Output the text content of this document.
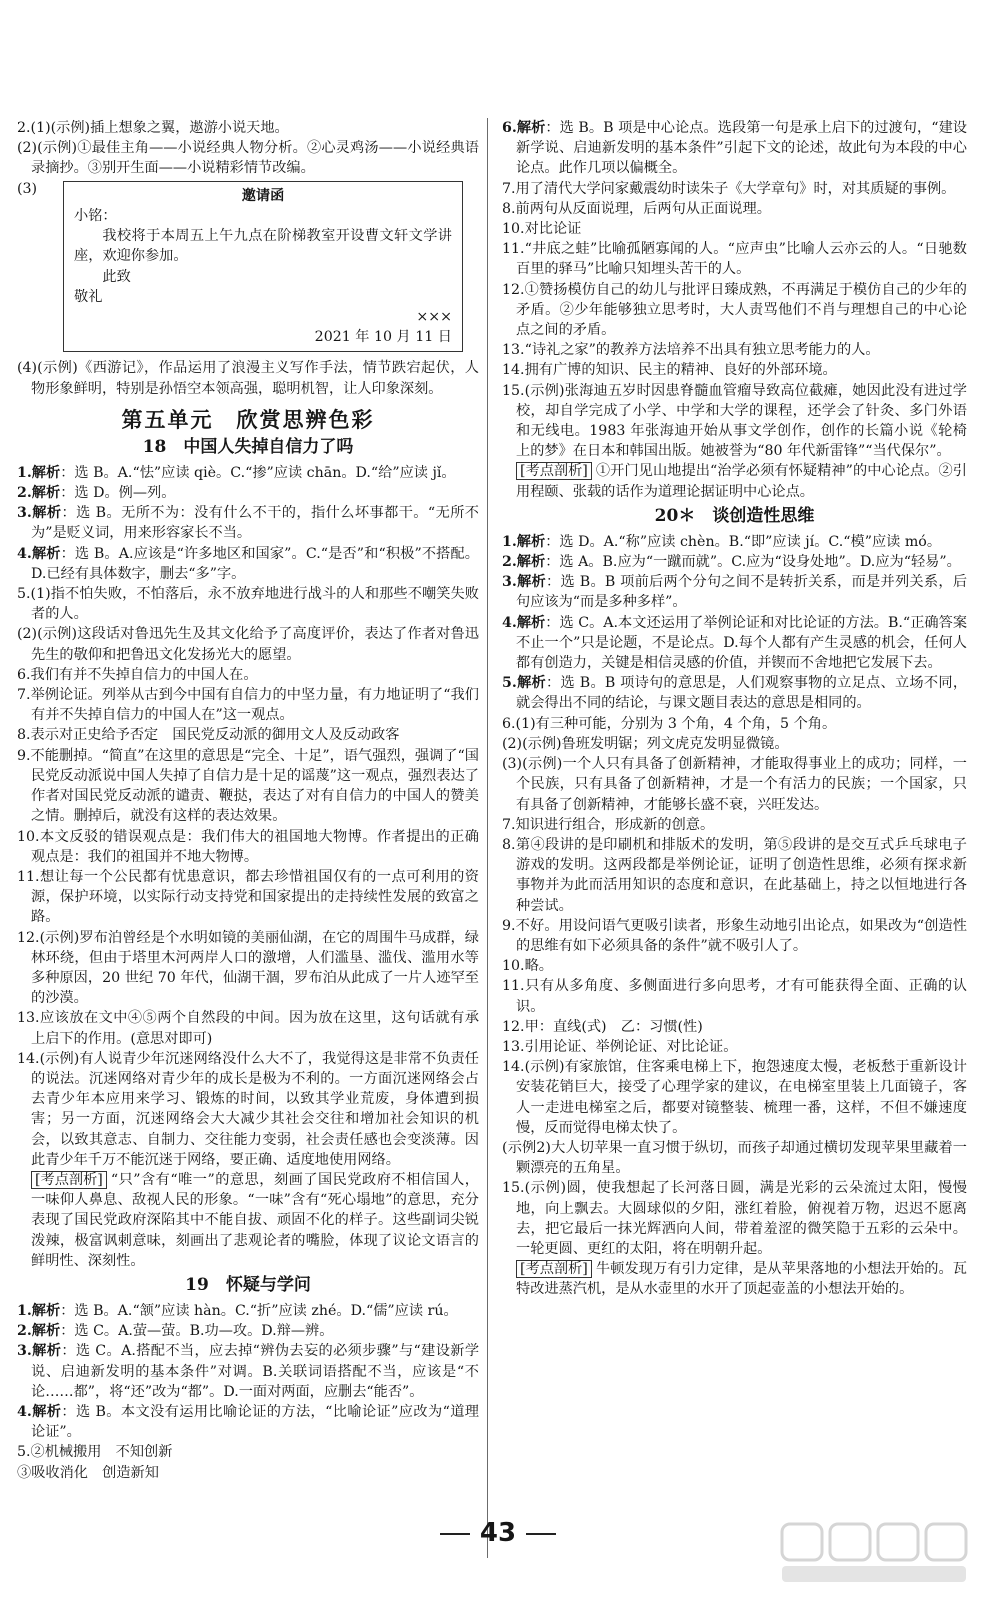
2.(1)(示例)插上想象之翼，遨游小说天地。

(2)(示例)①最佳主角——小说经典人物分析。②心灵鸡汤——小说经典语录摘抄。③别开生面——小说精彩情节改编。

(3)	邀请函
小铭：
我校将于本周五上午九点在阶梯教室开设曹文轩文学讲座，欢迎你参加。
此致
敬礼
×××
2021 年 10 月 11 日

(4)(示例)《西游记》，作品运用了浪漫主义写作手法，情节跌宕起伏，人物形象鲜明，特别是孙悟空本领高强，聪明机智，让人印象深刻。

第五单元　欣赏思辨色彩
18　中国人失掉自信力了吗

1.解析：选 B。A.“怯”应读 qiè。C.“掺”应读 chān。D.“给”应读 jǐ。

2.解析：选 D。例—列。

3.解析：选 B。无所不为：没有什么不干的，指什么坏事都干。“无所不为”是贬义词，用来形容家长不当。

4.解析：选 B。A.应该是“许多地区和国家”。C.“是否”和“积极”不搭配。D.已经有具体数字，删去“多”字。

5.(1)指不怕失败，不怕落后，永不放弃地进行战斗的人和那些不嘲笑失败者的人。

(2)(示例)这段话对鲁迅先生及其文化给予了高度评价，表达了作者对鲁迅先生的敬仰和把鲁迅文化发扬光大的愿望。

6.我们有并不失掉自信力的中国人在。

7.举例论证。列举从古到今中国有自信力的中坚力量，有力地证明了“我们有并不失掉自信力的中国人在”这一观点。

8.表示对正史给予否定　国民党反动派的御用文人及反动政客

9.不能删掉。“简直”在这里的意思是“完全、十足”，语气强烈，强调了“国民党反动派说中国人失掉了自信力是十足的谣蔑”这一观点，强烈表达了作者对国民党反动派的谴责、鞭挞，表达了对有自信力的中国人的赞美之情。删掉后，就没有这样的表达效果。

10.本文反驳的错误观点是：我们伟大的祖国地大物博。作者提出的正确观点是：我们的祖国并不地大物博。

11.想让每一个公民都有忧患意识，都去珍惜祖国仅有的一点可利用的资源，保护环境，以实际行动支持党和国家提出的走持续性发展的致富之路。

12.(示例)罗布泊曾经是个水明如镜的美丽仙湖，在它的周围牛马成群，绿林环绕，但由于塔里木河两岸人口的激增，人们滥垦、滥伐、滥用水等多种原因，20 世纪 70 年代，仙湖干涸，罗布泊从此成了一片人迹罕至的沙漠。

13.应该放在文中④⑤两个自然段的中间。因为放在这里，这句话就有承上启下的作用。(意思对即可)

14.(示例)有人说青少年沉迷网络没什么大不了，我觉得这是非常不负责任的说法。沉迷网络对青少年的成长是极为不利的。一方面沉迷网络会占去青少年本应用来学习、锻炼的时间，以致其学业荒废，身体遭到损害；另一方面，沉迷网络会大大减少其社会交往和增加社会知识的机会，以致其意志、自制力、交往能力变弱，社会责任感也会变淡薄。因此青少年千万不能沉迷于网络，要正确、适度地使用网络。

[考点剖析] “只”含有“唯一”的意思，刻画了国民党政府不相信国人，一味仰人鼻息、敌视人民的形象。“一味”含有“死心塌地”的意思，充分表现了国民党政府深陷其中不能自拔、顽固不化的样子。这些副词尖锐泼辣，极富讽刺意味，刻画出了悲观论者的嘴脸，体现了议论文语言的鲜明性、深刻性。

19　怀疑与学问

1.解析：选 B。A.“颔”应读 hàn。C.“折”应读 zhé。D.“儒”应读 rú。

2.解析：选 C。A.萤—萤。B.功—攻。D.辩—辨。

3.解析：选 C。A.搭配不当，应去掉“辨伪去妄的必须步骤”与“建设新学说、启迪新发明的基本条件”对调。B.关联词语搭配不当，应该是“不论……都”，将“还”改为“都”。D.一面对两面，应删去“能否”。

4.解析：选 B。本文没有运用比喻论证的方法，“比喻论证”应改为“道理论证”。

5.②机械搬用　不知创新

③吸收消化　创造新知

6.解析：选 B。B 项是中心论点。选段第一句是承上启下的过渡句，“建设新学说、启迪新发明的基本条件”引起下文的论述，故此句为本段的中心论点。此作几项以偏概全。

7.用了清代大学问家戴震幼时读朱子《大学章句》时，对其质疑的事例。

8.前两句从反面说理，后两句从正面说理。

10.对比论证

11.“井底之蛙”比喻孤陋寡闻的人。“应声虫”比喻人云亦云的人。“日驰数百里的驿马”比喻只知埋头苦干的人。

12.①赞扬模仿自己的幼儿与批评日臻成熟，不再满足于模仿自己的少年的矛盾。②少年能够独立思考时，大人责骂他们不肖与理想自己的中心论点之间的矛盾。

13.“诗礼之家”的教养方法培养不出具有独立思考能力的人。

14.拥有广博的知识、民主的精神、良好的外部环境。

15.(示例)张海迪五岁时因患脊髓血管瘤导致高位截瘫，她因此没有进过学校，却自学完成了小学、中学和大学的课程，还学会了针灸、多门外语和无线电。1983 年张海迪开始从事文学创作，创作的长篇小说《轮椅上的梦》在日本和韩国出版。她被誉为“80 年代新雷锋”“当代保尔”。

[考点剖析] ①开门见山地提出“治学必须有怀疑精神”的中心论点。②引用程颐、张载的话作为道理论据证明中心论点。

20＊　谈创造性思维

1.解析：选 D。A.“称”应读 chèn。B.“即”应读 jí。C.“模”应读 mó。

2.解析：选 A。B.应为“一蹴而就”。C.应为“设身处地”。D.应为“轻易”。

3.解析：选 B。B 项前后两个分句之间不是转折关系，而是并列关系，后句应该为“而是多种多样”。

4.解析：选 C。A.本文还运用了举例论证和对比论证的方法。B.“正确答案不止一个”只是论题，不是论点。D.每个人都有产生灵感的机会，任何人都有创造力，关键是相信灵感的价值，并锲而不舍地把它发展下去。

5.解析：选 B。B 项诗句的意思是，人们观察事物的立足点、立场不同，就会得出不同的结论，与课文题目表达的意思是相同的。

6.(1)有三种可能，分别为 3 个角，4 个角，5 个角。

(2)(示例)鲁班发明锯；列文虎克发明显微镜。

(3)(示例)一个人只有具备了创新精神，才能取得事业上的成功；同样，一个民族，只有具备了创新精神，才是一个有活力的民族；一个国家，只有具备了创新精神，才能够长盛不衰，兴旺发达。

7.知识进行组合，形成新的创意。

8.第④段讲的是印刷机和排版术的发明，第⑤段讲的是交互式乒乓球电子游戏的发明。这两段都是举例论证，证明了创造性思维，必须有探求新事物并为此而活用知识的态度和意识，在此基础上，持之以恒地进行各种尝试。

9.不好。用设问语气更吸引读者，形象生动地引出论点，如果改为“创造性的思维有如下必须具备的条件”就不吸引人了。

10.略。

11.只有从多角度、多侧面进行多向思考，才有可能获得全面、正确的认识。

12.甲：直线(式)　乙：习惯(性)

13.引用论证、举例论证、对比论证。

14.(示例)有家旅馆，住客乘电梯上下，抱怨速度太慢，老板愁于重新设计安装花销巨大，接受了心理学家的建议，在电梯室里装上几面镜子，客人一走进电梯室之后，都要对镜整装、梳理一番，这样，不但不嫌速度慢，反而觉得电梯太快了。

(示例2)大人切苹果一直习惯于纵切，而孩子却通过横切发现苹果里藏着一颗漂亮的五角星。

15.(示例)圆，使我想起了长河落日圆，满是光彩的云朵流过太阳，慢慢地，向上飘去。大圆球似的夕阳，涨红着脸，俯视着万物，迟迟不愿离去，把它最后一抹光辉洒向人间，带着羞涩的微笑隐于五彩的云朵中。一轮更圆、更红的太阳，将在明朝升起。

[考点剖析] 牛顿发现万有引力定律，是从苹果落地的小想法开始的。瓦特改进蒸汽机，是从水壶里的水开了顶起壶盖的小想法开始的。

43
